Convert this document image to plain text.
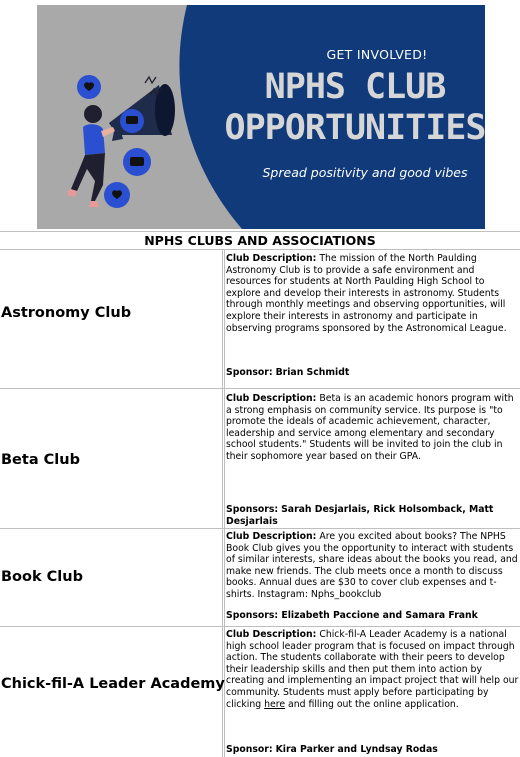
GET INVOLVED!
NPHS CLUB
OPPORTUNITIES
Spread positivity and good vibes
NPHS CLUBS AND ASSOCIATIONS
Astronomy Club
Club Description: The mission of the North Paulding Astronomy Club is to provide a safe environment and resources for students at North Paulding High School to explore and develop their interests in astronomy. Students through monthly meetings and observing opportunities, will explore their interests in astronomy and participate in observing programs sponsored by the Astronomical League.
Sponsor: Brian Schmidt
Beta Club
Club Description: Beta is an academic honors program with a strong emphasis on community service. Its purpose is "to promote the ideals of academic achievement, character, leadership and service among elementary and secondary school students." Students will be invited to join the club in their sophomore year based on their GPA.
Sponsors: Sarah Desjarlais, Rick Holsomback, Matt Desjarlais
Book Club
Club Description: Are you excited about books? The NPHS Book Club gives you the opportunity to interact with students of similar interests, share ideas about the books you read, and make new friends. The club meets once a month to discuss books. Annual dues are $30 to cover club expenses and t-shirts. Instagram: Nphs_bookclub
Sponsors: Elizabeth Paccione and Samara Frank
Chick-fil-A Leader Academy
Club Description: Chick-fil-A Leader Academy is a national high school leader program that is focused on impact through action. The students collaborate with their peers to develop their leadership skills and then put them into action by creating and implementing an impact project that will help our community. Students must apply before participating by clicking here and filling out the online application.
Sponsor: Kira Parker and Lyndsay Rodas
